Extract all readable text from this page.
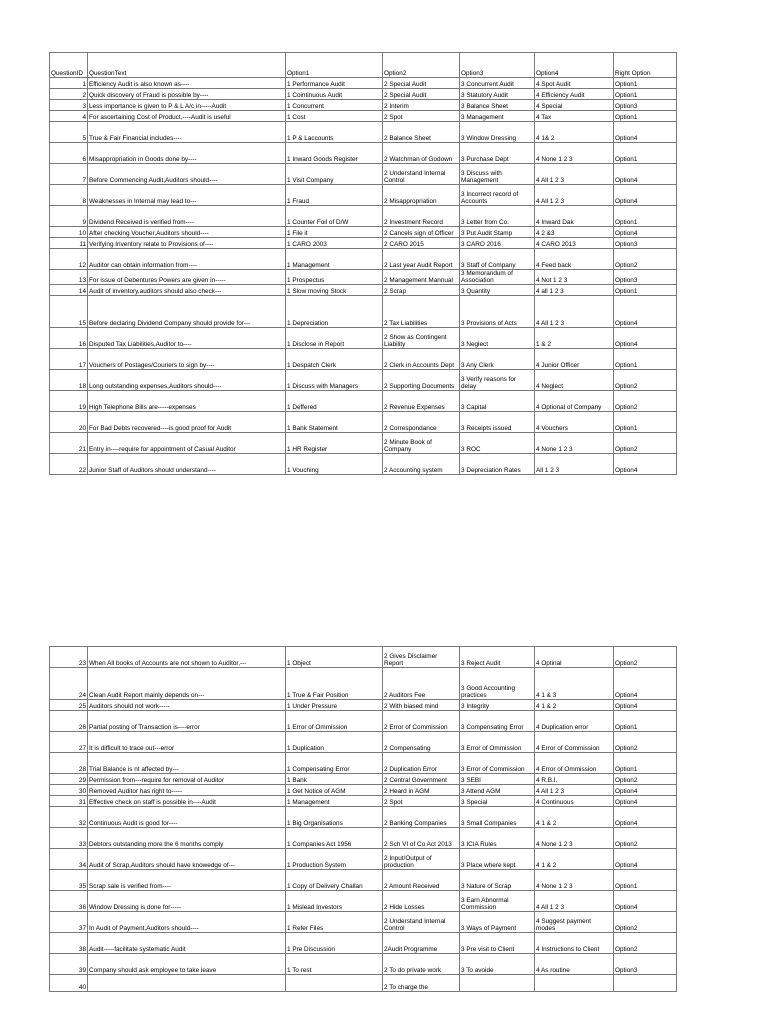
QuestionID	QuestionText	Option1	Option2	Option3	Option4	Right Option
1	Efficiency Audit is also known as----	1 Performance Audit	2 Special Audit	3 Concurrent Audit	4 Spot Audit	Option1
2	Quick discovery of Fraud is possible by----	1 Cointinuous Audit	2 Special Audit	3 Statutory Audit	4 Efficiency Audit	Option1
3	Less importance is given to P & L A/c in-----Audit	1 Concurrent	2 Interim	3 Balance Sheet	4 Special	Option3
4	For ascertaining Cost of Product,----Audit is useful	1 Cost	2 Spot	3 Management	4 Tax	Option1
5	True & Fair Financial includes----	1 P & Laccounts	2 Balance Sheet	3 Window Dressing	4 1& 2	Option4
6	Misappropriation in Goods done by----	1 Inward Goods Register	2 Watchman of Godown	3 Purchase Dept	4 None 1 2 3	Option1
7	Before Commencing Audit,Auditors should----	1 Visit Company	2 Understand Internal Control	3 Discuss with Management	4 All 1 2 3	Option4
8	Weaknesses in Internal may lead to---	1 Fraud	2 Misappropriation	3 Incorrect record of Accounts	4 All 1 2 3	Option4
9	Dividend Received is verified from----	1 Counter Foil of D/W	2 Investment Record	3 Letter from Co.	4 Inward Dak	Option1
10	After checking Voucher,Auditors should----	1 File it	2 Cancels sign of Officer	3 Put Audit Stamp	4 2 &3	Option4
11	Verifying Inventory relate to Provisions of----	1 CARO 2003	2 CARO 2015	3 CARO 2016	4 CARO 2013	Option3
12	Auditor can obtain information from----	1 Management	2 Last year Audit Report	3 Staff of Company	4 Feed back	Option2
13	For issue of Debentures Powers are given in-----	1 Prospectus	2 Management Mannual	3 Memorandum of Association	4 Not 1 2 3	Option3
14	Audit of inventory,auditors should also check---	1 Slow moving Stock	2 Scrap	3 Quantity	4 all 1 2 3	Option1
15	Before declaring Dividend Company should provide for---	1 Depreciation	2 Tax Liabilities	3 Provisions of Acts	4 All 1 2 3	Option4
16	Disputed Tax Liabilities,Auditor to----	1 Disclose in Report	2 Show as Contingent Liability	3 Neglect	1 & 2	Option4
17	Vouchers of Postages/Couriers to sign by----	1 Despatch Clerk	2 Clerk in Accounts Dept	3 Any Clerk	4 Junior Officer	Option1
18	Long outstanding expenses,Auditors should----	1 Discuss with Managers	2 Supporting Documents	3 Verify reasons for delay	4 Neglect	Option2
19	High Telephone Bills are-----expenses	1 Deffered	2 Revenue Expenses	3 Capital	4 Optional of Company	Option2
20	For Bad Debts recovered----is good proof for Audit	1 Bank Statement	2 Correspondance	3 Receipts issued	4 Vouchers	Option1
21	Entry in----require for appointment of Casual Auditor	1 HR Register	2 Minute Book of Company	3 ROC	4 None 1 2 3	Option2
22	Junior Staff of Auditors should understand----	1 Vouching	2 Accounting system	3 Depreciation Rates	All 1 2 3	Option4
23	When All books of Accounts are not shown to Auditor,---	1 Object	2 Gives Disclaimer Report	3 Reject Audit	4 Optinal	Option2
24	Clean Audit Report mainly depends on---	1 True & Fair Position	2 Auditors Fee	3 Good Accounting practices	4 1 & 3	Option4
25	Auditors should not work-----	1 Under Pressure	2 With biased mind	3 Integrity	4 1 & 2	Option4
26	Partial posting of Transaction is----error	1 Error of Ommission	2 Error of Commission	3 Compensating Error	4 Duplication error	Option1
27	It is difficult to trace out---error	1 Duplication	2 Compensating	3 Error of Ommission	4 Error of Commission	Option2
28	Trial Balance is nt affected by---	1 Compensating Error	2 Duplication Error	3 Error of Commission	4 Error of Ommission	Option1
29	Permission from---require for removal of Auditor	1 Bank	2 Central Government	3 SEBI	4 R.B.I.	Option2
30	Removed Auditor has right to-----	1 Get Notice of AGM	2 Heard in AGM	3 Attend AGM	4 All 1 2 3	Option4
31	Effective check on staff is possible in----Audit	1 Management	2 Spot	3 Special	4 Continuous	Option4
32	Continuous Audit is good for----	1 Big Organisations	2 Banking Companies	3 Small Companies	4 1 & 2	Option4
33	Debtors outstanding more the 6 months comply	1 Companies Act 1956	2 Sch VI of Co Act 2013	3 ICIA Rules	4 None 1 2 3	Option2
34	Audit of Scrap,Auditors should have knowedge of---	1 Production System	2 Input/Output of production	3 Place where kept	4 1 & 2	Option4
35	Scrap sale is verified from----	1 Copy of Delivery Challan	2 Amount Received	3 Nature of Scrap	4 None 1 2 3	Option1
36	Window Dressing is done for-----	1 Mislead Investors	2 Hide Losses	3 Earn Abnormal Commission	4 All 1 2 3	Option4
37	In Audit of Payment,Auditors should----	1 Refer Files	2 Understand Internal Control	3 Ways of Payment	4 Suggest payment modes	Option2
38	Audit-----facilitate systematic Audit	1 Pre Discussion	2Audit Programme	3 Pre visit to Client	4 Instructions to Client	Option2
39	Company should ask employee to take leave	1 To rest	2 To do private work	3 To avoide	4 As routine	Option3
40			2 To charge the			
